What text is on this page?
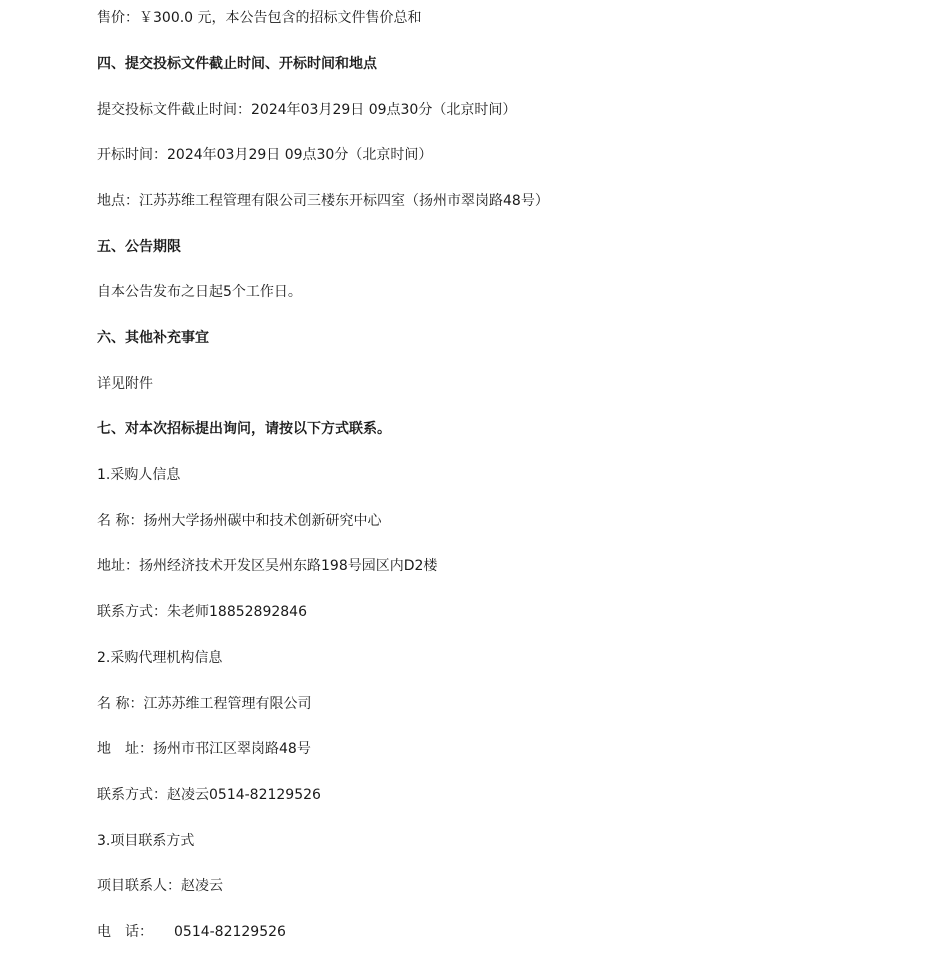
售价：￥300.0 元，本公告包含的招标文件售价总和

四、提交投标文件截止时间、开标时间和地点

提交投标文件截止时间：2024年03月29日 09点30分（北京时间）

开标时间：2024年03月29日 09点30分（北京时间）

地点：江苏苏维工程管理有限公司三楼东开标四室（扬州市翠岗路48号）

五、公告期限

自本公告发布之日起5个工作日。

六、其他补充事宜

详见附件

七、对本次招标提出询问，请按以下方式联系。

1.采购人信息

名 称：扬州大学扬州碳中和技术创新研究中心

地址：扬州经济技术开发区吴州东路198号园区内D2楼

联系方式：朱老师18852892846

2.采购代理机构信息

名 称：江苏苏维工程管理有限公司

地　址：扬州市邗江区翠岗路48号

联系方式：赵凌云0514-82129526

3.项目联系方式

项目联系人：赵凌云

电　话：　　0514-82129526
